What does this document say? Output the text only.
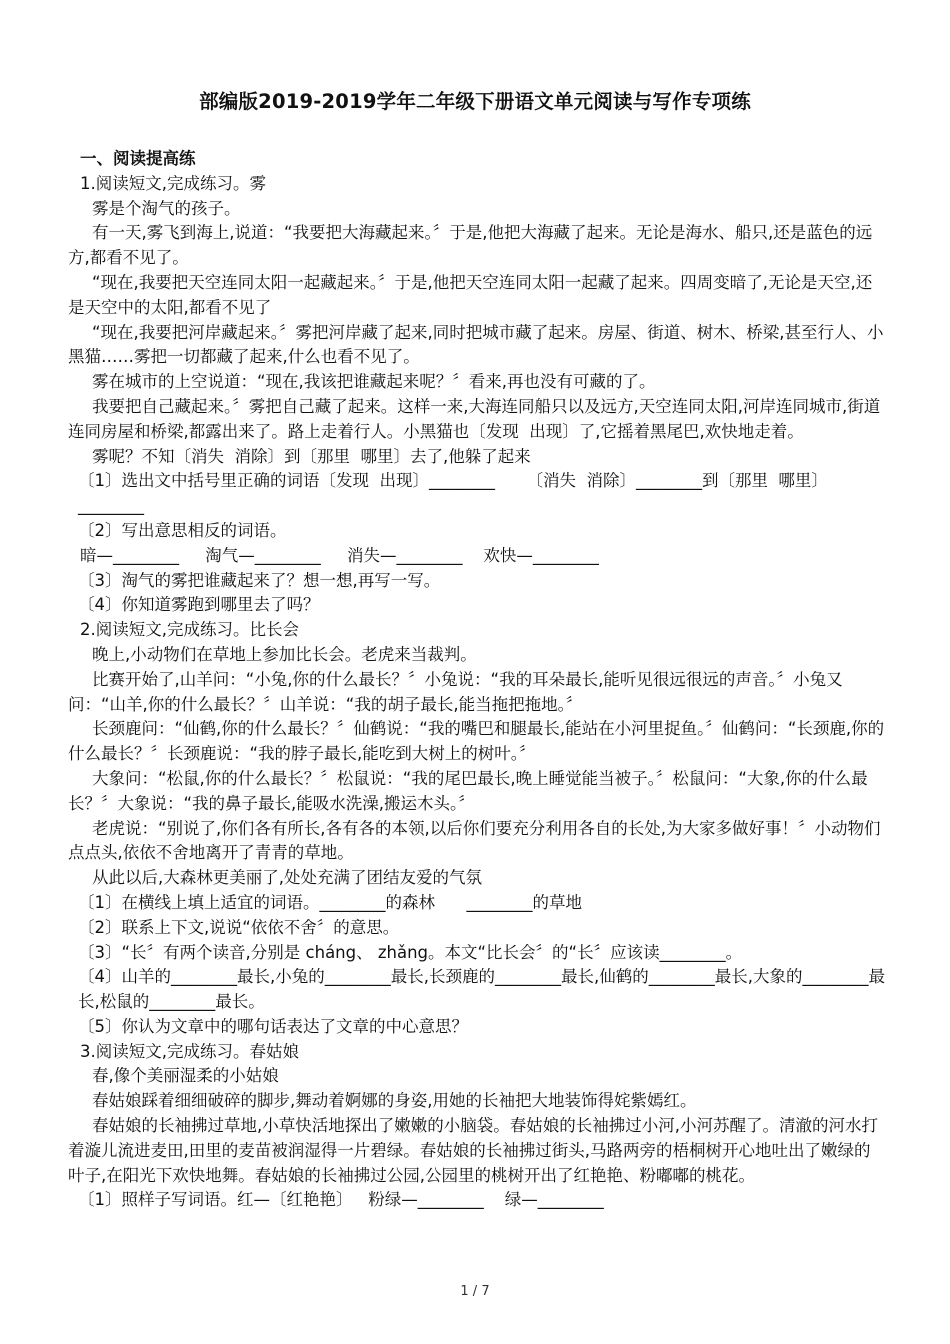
部编版2019-2019学年二年级下册语文单元阅读与写作专项练

一、阅读提高练

1.阅读短文,完成练习。雾

雾是个淘气的孩子。

有一天,雾飞到海上,说道：“我要把大海藏起来。〞于是,他把大海藏了起来。无论是海水、船只,还是蓝色的远方,都看不见了。

“现在,我要把天空连同太阳一起藏起来。〞于是,他把天空连同太阳一起藏了起来。四周变暗了,无论是天空,还是天空中的太阳,都看不见了

“现在,我要把河岸藏起来。〞雾把河岸藏了起来,同时把城市藏了起来。房屋、街道、树木、桥梁,甚至行人、小黑猫……雾把一切都藏了起来,什么也看不见了。

雾在城市的上空说道：“现在,我该把谁藏起来呢？〞看来,再也没有可藏的了。

我要把自己藏起来。〞雾把自己藏了起来。这样一来,大海连同船只以及远方,天空连同太阳,河岸连同城市,街道连同房屋和桥梁,都露出来了。路上走着行人。小黑猫也〔发现  出现〕了,它摇着黑尾巴,欢快地走着。

雾呢？不知〔消失  消除〕到〔那里  哪里〕去了,他躲了起来

〔1〕选出文中括号里正确的词语〔发现  出现〕________      〔消失  消除〕________到〔那里  哪里〕________

〔2〕写出意思相反的词语。

暗—________     淘气—________     消失—________    欢快—________

〔3〕淘气的雾把谁藏起来了？想一想,再写一写。

〔4〕你知道雾跑到哪里去了吗？

2.阅读短文,完成练习。比长会

晚上,小动物们在草地上参加比长会。老虎来当裁判。

比赛开始了,山羊问：“小兔,你的什么最长？〞小兔说：“我的耳朵最长,能听见很远很远的声音。〞小兔又问：“山羊,你的什么最长？〞山羊说：“我的胡子最长,能当拖把拖地。〞

长颈鹿问：“仙鹤,你的什么最长？〞仙鹤说：“我的嘴巴和腿最长,能站在小河里捉鱼。〞仙鹤问：“长颈鹿,你的什么最长？〞长颈鹿说：“我的脖子最长,能吃到大树上的树叶。〞

大象问：“松鼠,你的什么最长？〞松鼠说：“我的尾巴最长,晚上睡觉能当被子。〞松鼠问：“大象,你的什么最长？〞大象说：“我的鼻子最长,能吸水洗澡,搬运木头。〞

老虎说：“别说了,你们各有所长,各有各的本领,以后你们要充分利用各自的长处,为大家多做好事！〞小动物们点点头,依依不舍地离开了青青的草地。

从此以后,大森林更美丽了,处处充满了团结友爱的气氛

〔1〕在横线上填上适宜的词语。________的森林      ________的草地

〔2〕联系上下文,说说“依依不舍〞的意思。

〔3〕“长〞有两个读音,分别是 cháng、 zhǎng。本文“比长会〞的“长〞应该读________。

〔4〕山羊的________最长,小兔的________最长,长颈鹿的________最长,仙鹤的________最长,大象的________最长,松鼠的________最长。

〔5〕你认为文章中的哪句话表达了文章的中心意思？

3.阅读短文,完成练习。春姑娘

春,像个美丽湿柔的小姑娘

春姑娘踩着细细破碎的脚步,舞动着婀娜的身姿,用她的长袖把大地装饰得姹紫嫣红。

春姑娘的长袖拂过草地,小草快活地探出了嫩嫩的小脑袋。春姑娘的长袖拂过小河,小河苏醒了。清澈的河水打着漩儿流进麦田,田里的麦苗被润湿得一片碧绿。春姑娘的长袖拂过街头,马路两旁的梧桐树开心地吐出了嫩绿的叶子,在阳光下欢快地舞。春姑娘的长袖拂过公园,公园里的桃树开出了红艳艳、粉嘟嘟的桃花。

〔1〕照样子写词语。红—〔红艳艳〕   粉绿—________    绿—________

1 / 7
